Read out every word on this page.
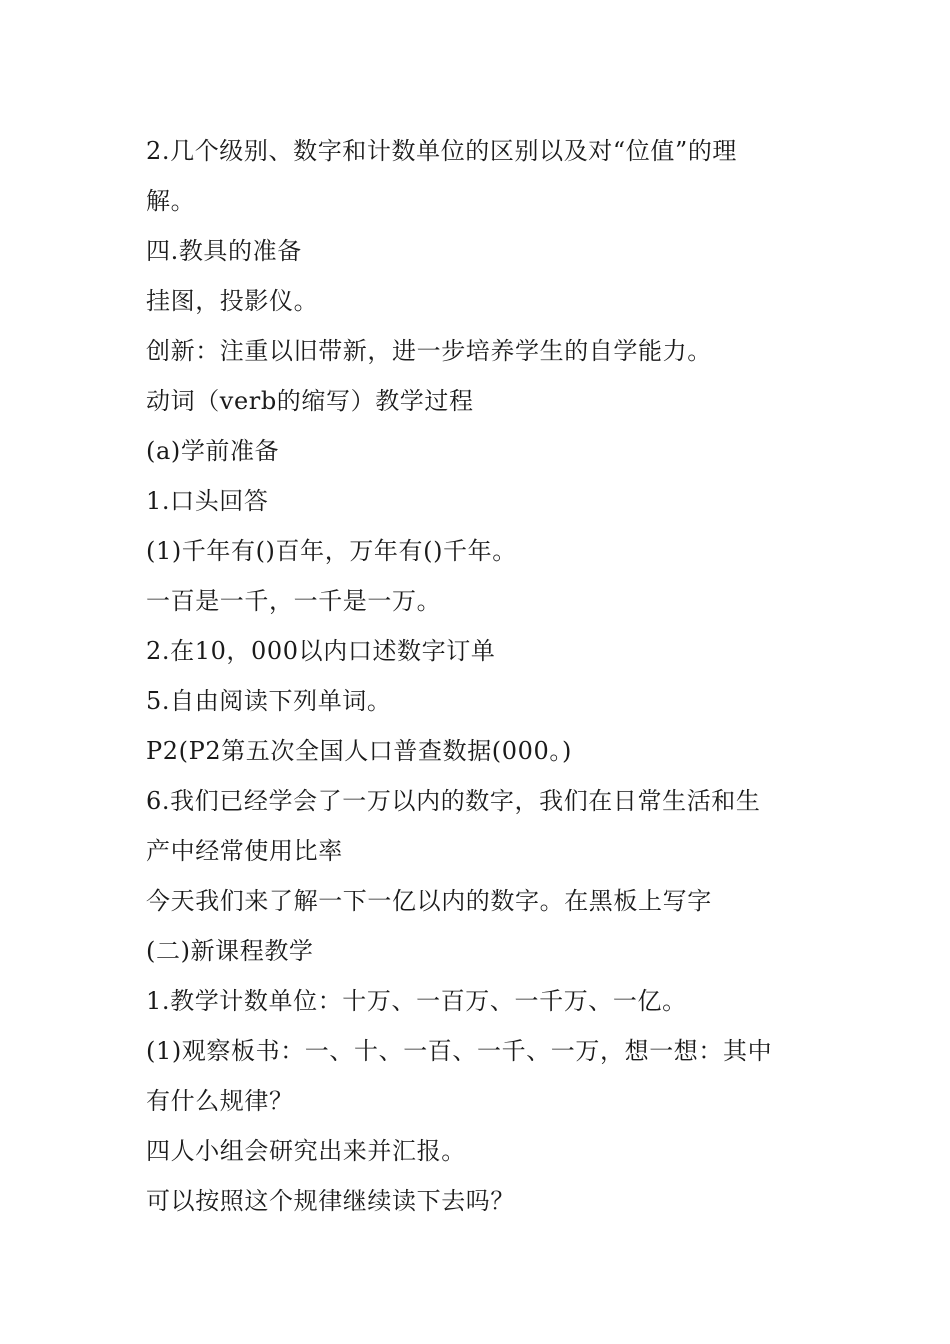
2.几个级别、数字和计数单位的区别以及对“位值”的理
解。
四.教具的准备
挂图，投影仪。
创新：注重以旧带新，进一步培养学生的自学能力。
动词（verb的缩写）教学过程
(a)学前准备
1.口头回答
(1)千年有()百年，万年有()千年。
一百是一千，一千是一万。
2.在10，000以内口述数字订单
5.自由阅读下列单词。
P2(P2第五次全国人口普查数据(000。)
6.我们已经学会了一万以内的数字，我们在日常生活和生
产中经常使用比率
今天我们来了解一下一亿以内的数字。在黑板上写字
(二)新课程教学
1.教学计数单位：十万、一百万、一千万、一亿。
(1)观察板书：一、十、一百、一千、一万，想一想：其中
有什么规律？
四人小组会研究出来并汇报。
可以按照这个规律继续读下去吗？
